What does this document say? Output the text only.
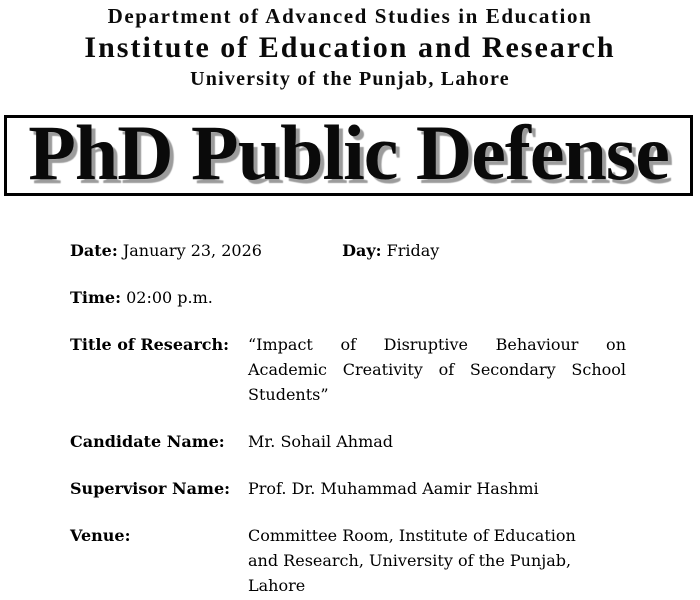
Department of Advanced Studies in Education
Institute of Education and Research
University of the Punjab, Lahore
PhD Public Defense
Date: January 23, 2026	Day: Friday
Time: 02:00 p.m.
Title of Research:	“Impact of Disruptive Behaviour on
Academic Creativity of Secondary School
Students”
Candidate Name:	Mr. Sohail Ahmad
Supervisor Name:	Prof. Dr. Muhammad Aamir Hashmi
Venue:	Committee Room, Institute of Education
and Research, University of the Punjab,
Lahore
